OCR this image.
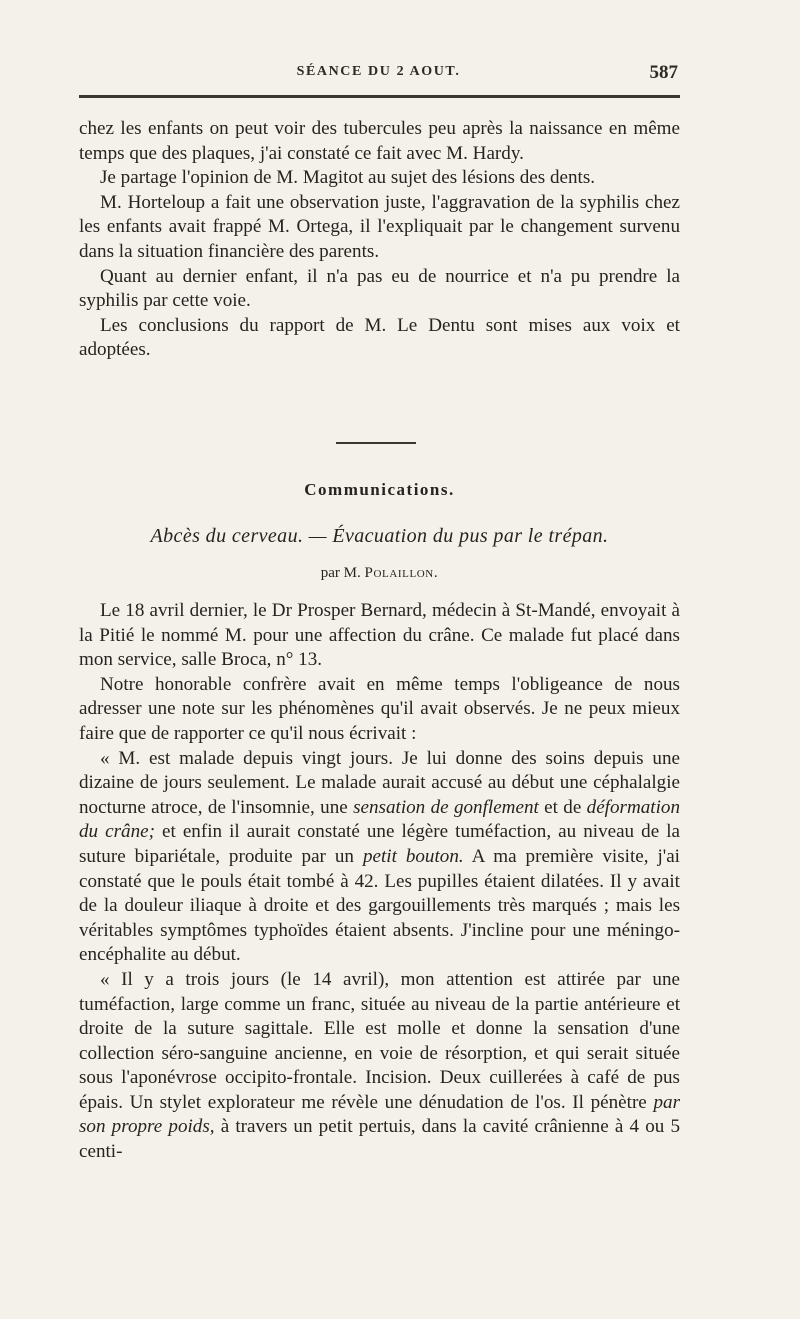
SÉANCE DU 2 AOUT.	587

chez les enfants on peut voir des tubercules peu après la naissance en même temps que des plaques, j'ai constaté ce fait avec M. Hardy.

Je partage l'opinion de M. Magitot au sujet des lésions des dents.

M. Horteloup a fait une observation juste, l'aggravation de la syphilis chez les enfants avait frappé M. Ortega, il l'expliquait par le changement survenu dans la situation financière des parents.

Quant au dernier enfant, il n'a pas eu de nourrice et n'a pu prendre la syphilis par cette voie.

Les conclusions du rapport de M. Le Dentu sont mises aux voix et adoptées.

Communications.
Abcès du cerveau. — Évacuation du pus par le trépan.
par M. Polaillon.

Le 18 avril dernier, le Dr Prosper Bernard, médecin à St-Mandé, envoyait à la Pitié le nommé M. pour une affection du crâne. Ce malade fut placé dans mon service, salle Broca, n° 13.

Notre honorable confrère avait en même temps l'obligeance de nous adresser une note sur les phénomènes qu'il avait observés. Je ne peux mieux faire que de rapporter ce qu'il nous écrivait :

« M. est malade depuis vingt jours. Je lui donne des soins depuis une dizaine de jours seulement. Le malade aurait accusé au début une céphalalgie nocturne atroce, de l'insomnie, une sensation de gonflement et de déformation du crâne; et enfin il aurait constaté une légère tuméfaction, au niveau de la suture bipariétale, produite par un petit bouton. A ma première visite, j'ai constaté que le pouls était tombé à 42. Les pupilles étaient dilatées. Il y avait de la douleur iliaque à droite et des gargouillements très marqués ; mais les véritables symptômes typhoïdes étaient absents. J'incline pour une méningo-encéphalite au début.

« Il y a trois jours (le 14 avril), mon attention est attirée par une tuméfaction, large comme un franc, située au niveau de la partie antérieure et droite de la suture sagittale. Elle est molle et donne la sensation d'une collection séro-sanguine ancienne, en voie de résorption, et qui serait située sous l'aponévrose occipito-frontale. Incision. Deux cuillerées à café de pus épais. Un stylet explorateur me révèle une dénudation de l'os. Il pénètre par son propre poids, à travers un petit pertuis, dans la cavité crânienne à 4 ou 5 centi-
